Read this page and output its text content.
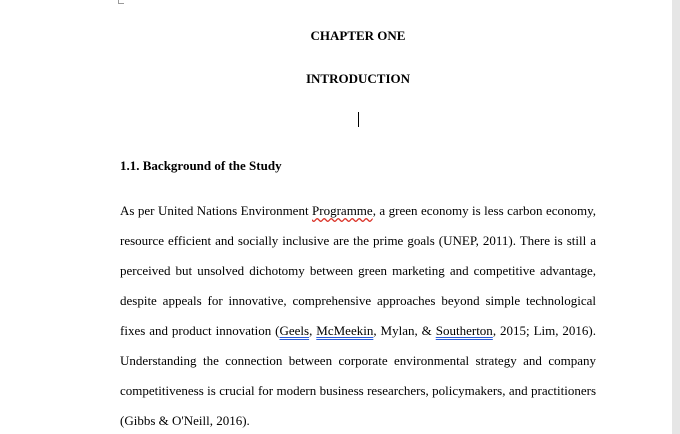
CHAPTER ONE
INTRODUCTION
1.1. Background of the Study
As per United Nations Environment Programme, a green economy is less carbon economy,
resource efficient and socially inclusive are the prime goals (UNEP, 2011). There is still a
perceived but unsolved dichotomy between green marketing and competitive advantage,
despite appeals for innovative, comprehensive approaches beyond simple technological
fixes and product innovation (Geels, McMeekin, Mylan, & Southerton, 2015; Lim, 2016).
Understanding the connection between corporate environmental strategy and company
competitiveness is crucial for modern business researchers, policymakers, and practitioners
(Gibbs & O'Neill, 2016).
